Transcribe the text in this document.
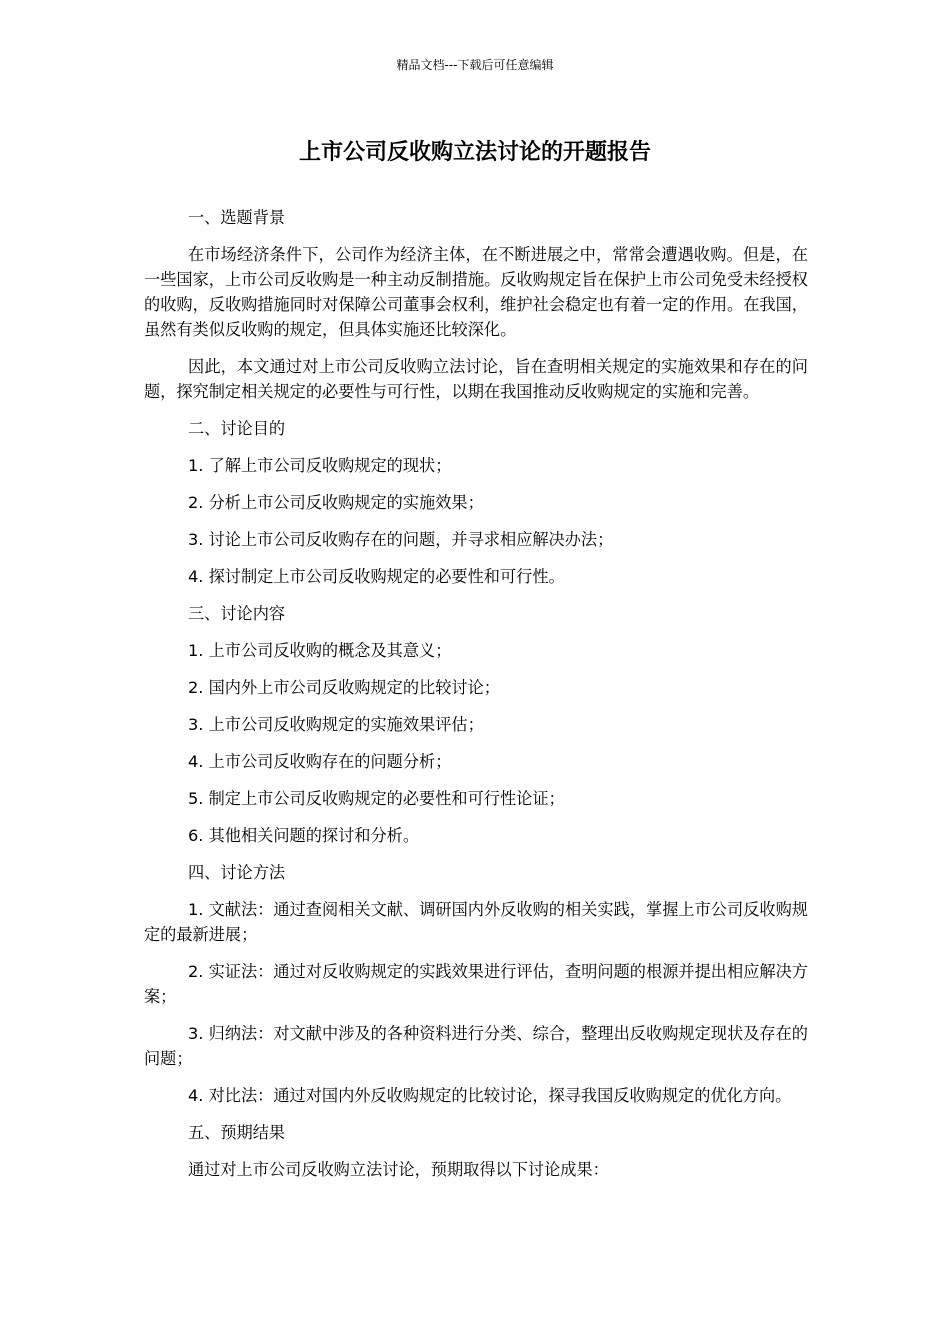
精品文档---下载后可任意编辑
上市公司反收购立法讨论的开题报告

一、选题背景

在市场经济条件下，公司作为经济主体，在不断进展之中，常常会遭遇收购。但是，在一些国家，上市公司反收购是一种主动反制措施。反收购规定旨在保护上市公司免受未经授权的收购，反收购措施同时对保障公司董事会权利，维护社会稳定也有着一定的作用。在我国，虽然有类似反收购的规定，但具体实施还比较深化。

因此，本文通过对上市公司反收购立法讨论，旨在查明相关规定的实施效果和存在的问题，探究制定相关规定的必要性与可行性，以期在我国推动反收购规定的实施和完善。

二、讨论目的

1. 了解上市公司反收购规定的现状；

2. 分析上市公司反收购规定的实施效果；

3. 讨论上市公司反收购存在的问题，并寻求相应解决办法；

4. 探讨制定上市公司反收购规定的必要性和可行性。

三、讨论内容

1. 上市公司反收购的概念及其意义；

2. 国内外上市公司反收购规定的比较讨论；

3. 上市公司反收购规定的实施效果评估；

4. 上市公司反收购存在的问题分析；

5. 制定上市公司反收购规定的必要性和可行性论证；

6. 其他相关问题的探讨和分析。

四、讨论方法

1. 文献法：通过查阅相关文献、调研国内外反收购的相关实践，掌握上市公司反收购规定的最新进展；

2. 实证法：通过对反收购规定的实践效果进行评估，查明问题的根源并提出相应解决方案；

3. 归纳法：对文献中涉及的各种资料进行分类、综合，整理出反收购规定现状及存在的问题；

4. 对比法：通过对国内外反收购规定的比较讨论，探寻我国反收购规定的优化方向。

五、预期结果

通过对上市公司反收购立法讨论，预期取得以下讨论成果：
